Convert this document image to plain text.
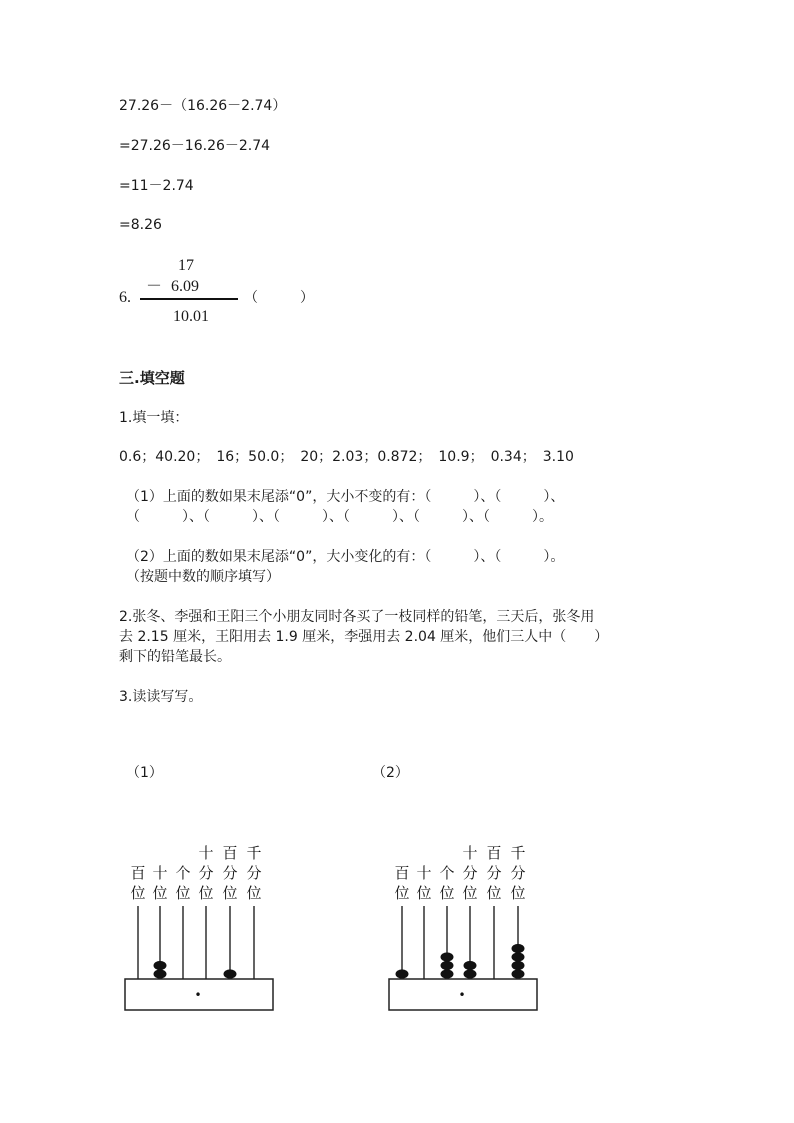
27.26－（16.26－2.74）
=27.26－16.26－2.74
=11－2.74
=8.26
6.
17
－ 6.09
10.01
（　　　）
三.填空题
1.填一填：
0.6；40.20；　16；50.0；　20；2.03；0.872；　10.9；　0.34；　3.10
（1）上面的数如果末尾添“0”，大小不变的有：（　　　）、（　　　）、
（　　　）、（　　　）、（　　　）、（　　　）、（　　　）、（　　　）。
（2）上面的数如果末尾添“0”，大小变化的有：（　　　）、（　　　）。
（按题中数的顺序填写）
2.张冬、李强和王阳三个小朋友同时各买了一枝同样的铅笔，三天后，张冬用
去 2.15 厘米，王阳用去 1.9 厘米，李强用去 2.04 厘米，他们三人中（　　）
剩下的铅笔最长。
3.读读写写。
（1）	（2）
百
位
十
位
个
位
十
分
位
百
分
位
千
分
位
•
百
位
十
位
个
位
十
分
位
百
分
位
千
分
位
•
